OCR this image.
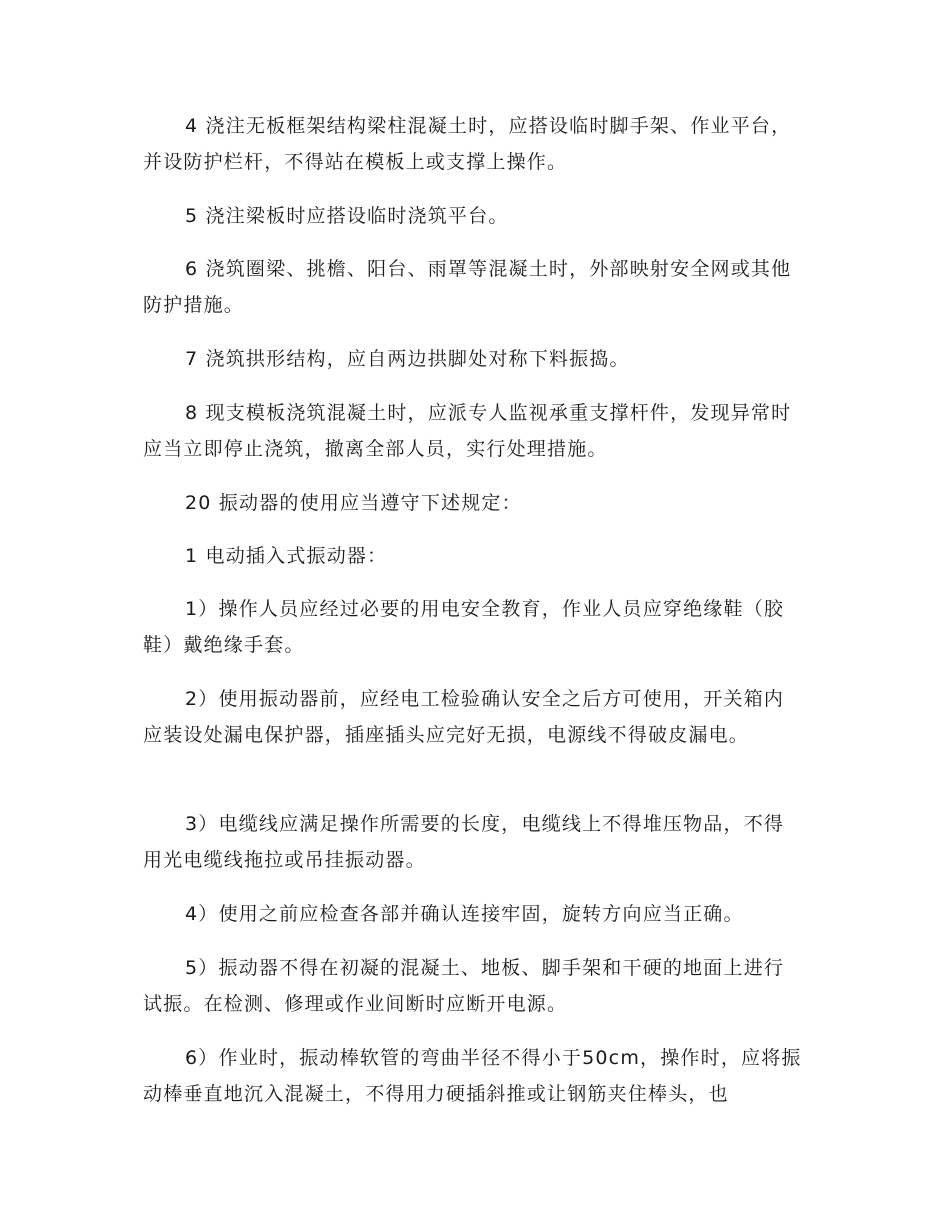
4 浇注无板框架结构梁柱混凝土时，应搭设临时脚手架、作业平台，并设防护栏杆，不得站在模板上或支撑上操作。

5 浇注梁板时应搭设临时浇筑平台。

6 浇筑圈梁、挑檐、阳台、雨罩等混凝土时，外部映射安全网或其他防护措施。

7 浇筑拱形结构，应自两边拱脚处对称下料振捣。

8 现支模板浇筑混凝土时，应派专人监视承重支撑杆件，发现异常时应当立即停止浇筑，撤离全部人员，实行处理措施。

20 振动器的使用应当遵守下述规定：

1 电动插入式振动器：

1）操作人员应经过必要的用电安全教育，作业人员应穿绝缘鞋（胶鞋）戴绝缘手套。

2）使用振动器前，应经电工检验确认安全之后方可使用，开关箱内应装设处漏电保护器，插座插头应完好无损，电源线不得破皮漏电。

3）电缆线应满足操作所需要的长度，电缆线上不得堆压物品，不得用光电缆线拖拉或吊挂振动器。

4）使用之前应检查各部并确认连接牢固，旋转方向应当正确。

5）振动器不得在初凝的混凝土、地板、脚手架和干硬的地面上进行试振。在检测、修理或作业间断时应断开电源。

6）作业时，振动棒软管的弯曲半径不得小于50cm，操作时，应将振动棒垂直地沉入混凝土，不得用力硬插斜推或让钢筋夹住棒头，也
